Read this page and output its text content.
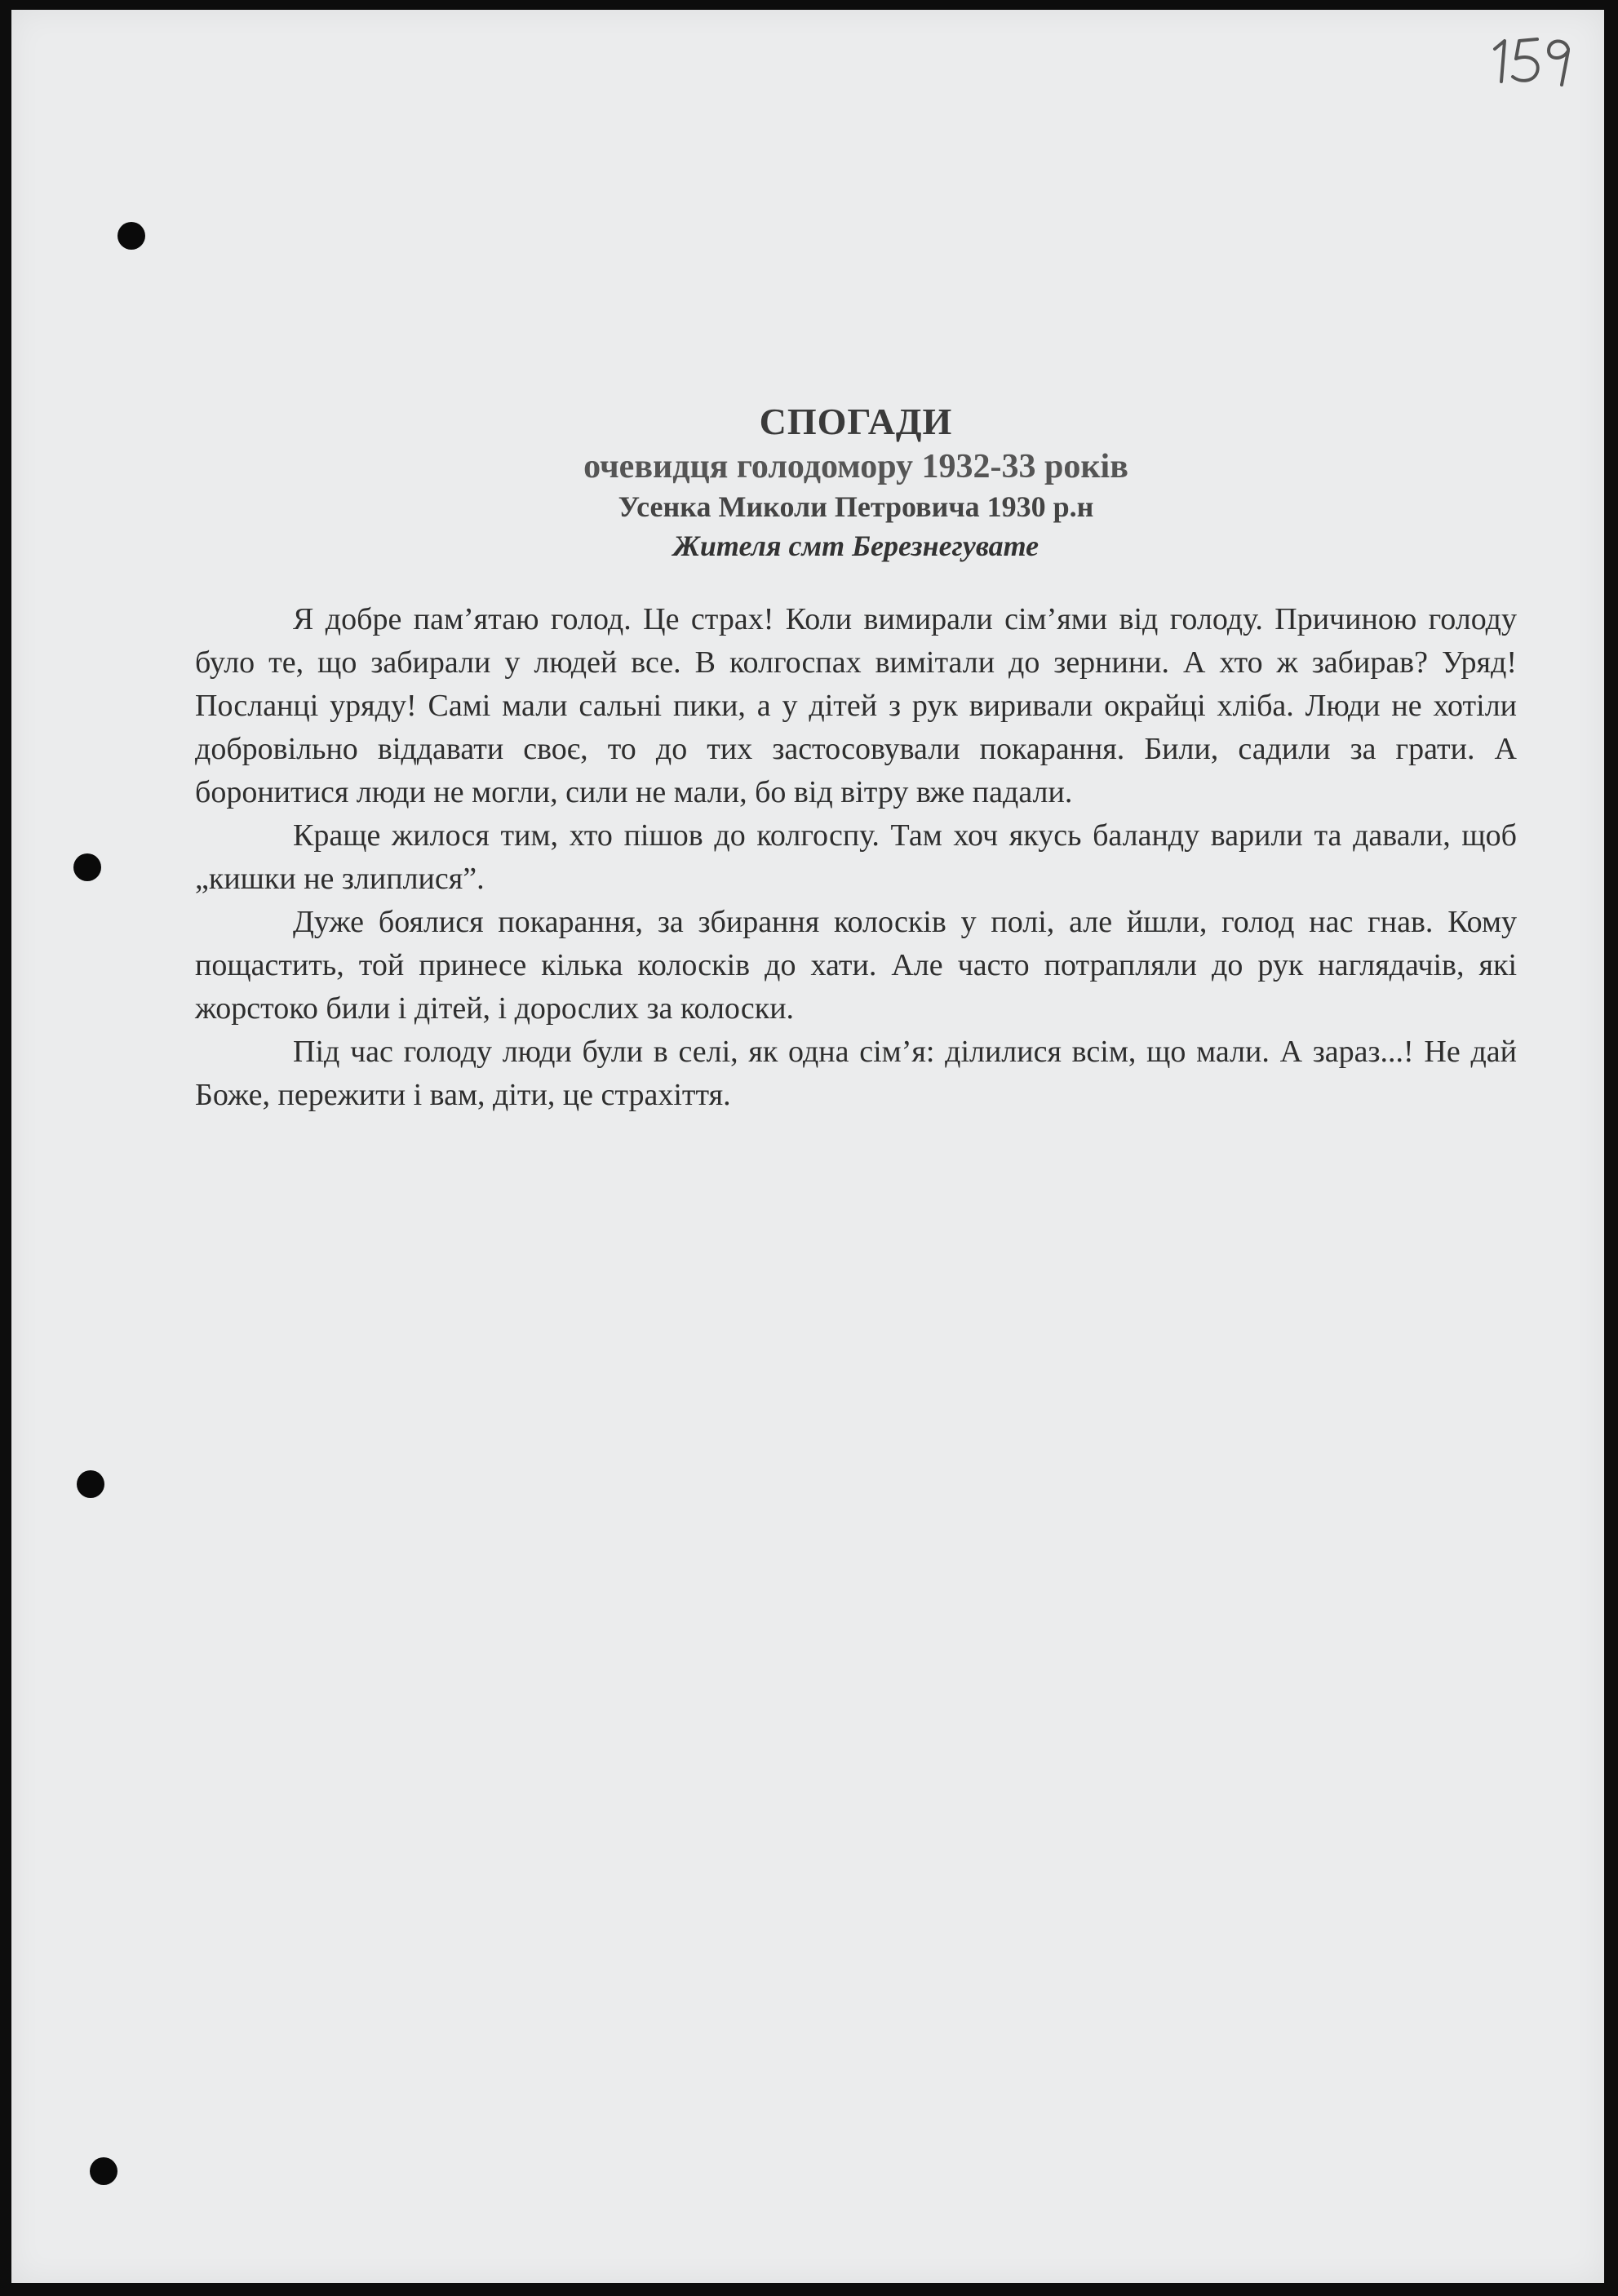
СПОГАДИ
очевидця голодомору 1932-33 років
Усенка Миколи Петровича 1930 р.н
Жителя смт Березнегувате

Я добре пам’ятаю голод. Це страх! Коли вимирали сім’ями від голоду. Причиною голоду було те, що забирали у людей все. В колгоспах вимітали до зернини. А хто ж забирав? Уряд! Посланці уряду! Самі мали сальні пики, а у дітей з рук виривали окрайці хліба. Люди не хотіли добровільно віддавати своє, то до тих застосовували покарання. Били, садили за грати. А боронитися люди не могли, сили не мали, бо від вітру вже падали.

Краще жилося тим, хто пішов до колгоспу. Там хоч якусь баланду варили та давали, щоб „кишки не злиплися”.

Дуже боялися покарання, за збирання колосків у полі, але йшли, голод нас гнав. Кому пощастить, той принесе кілька колосків до хати. Але часто потрапляли до рук наглядачів, які жорстоко били і дітей, і дорослих за колоски.

Під час голоду люди були в селі, як одна сім’я: ділилися всім, що мали. А зараз...! Не дай Боже, пережити і вам, діти, це страхіття.
